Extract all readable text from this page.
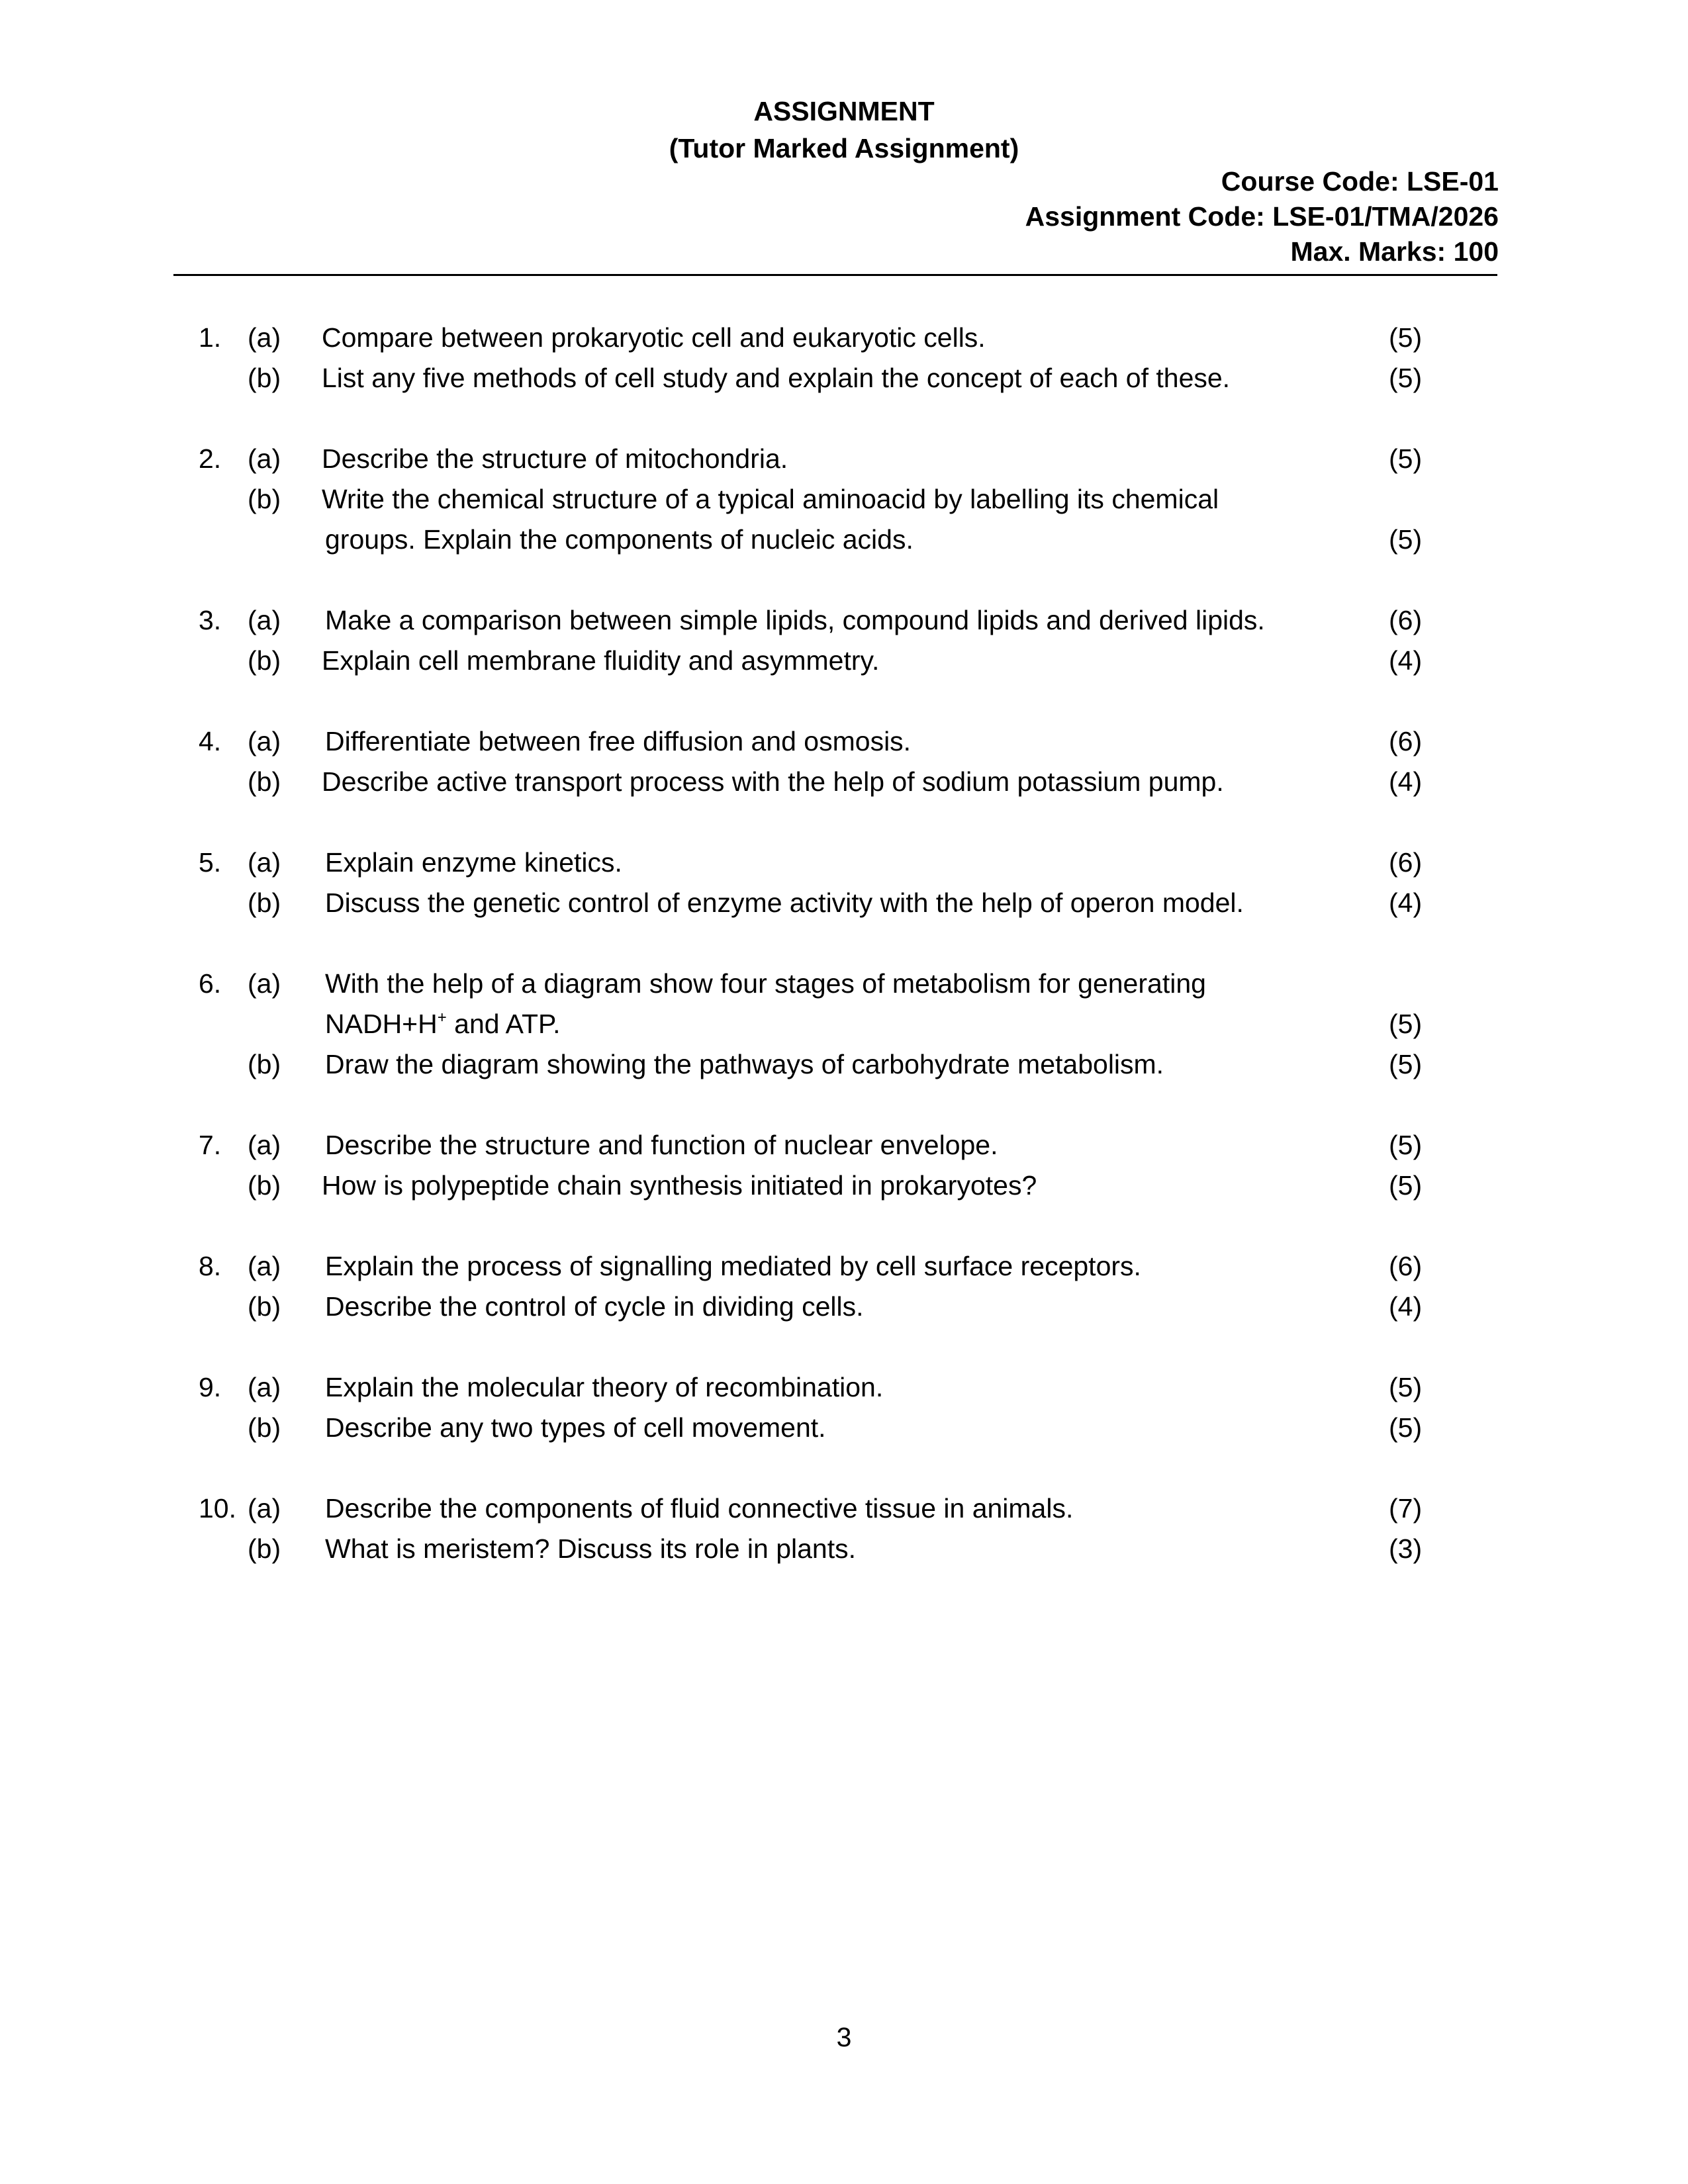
ASSIGNMENT
(Tutor Marked Assignment)
Course Code: LSE-01
Assignment Code: LSE-01/TMA/2026
Max. Marks: 100
1. (a) Compare between prokaryotic cell and eukaryotic cells.	(5)
(b) List any five methods of cell study and explain the concept of each of these.	(5)
2. (a) Describe the structure of mitochondria.	(5)
(b) Write the chemical structure of a typical aminoacid by labelling its chemical
groups. Explain the components of nucleic acids.	(5)
3. (a) Make a comparison between simple lipids, compound lipids and derived lipids.	(6)
(b) Explain cell membrane fluidity and asymmetry.	(4)
4. (a) Differentiate between free diffusion and osmosis.	(6)
(b) Describe active transport process with the help of sodium potassium pump.	(4)
5. (a) Explain enzyme kinetics.	(6)
(b) Discuss the genetic control of enzyme activity with the help of operon model.	(4)
6. (a) With the help of a diagram show four stages of metabolism for generating
NADH+H+ and ATP.	(5)
(b) Draw the diagram showing the pathways of carbohydrate metabolism.	(5)
7. (a) Describe the structure and function of nuclear envelope.	(5)
(b) How is polypeptide chain synthesis initiated in prokaryotes?	(5)
8. (a) Explain the process of signalling mediated by cell surface receptors.	(6)
(b) Describe the control of cycle in dividing cells.	(4)
9. (a) Explain the molecular theory of recombination.	(5)
(b) Describe any two types of cell movement.	(5)
10. (a) Describe the components of fluid connective tissue in animals.	(7)
(b) What is meristem? Discuss its role in plants.	(3)
3
